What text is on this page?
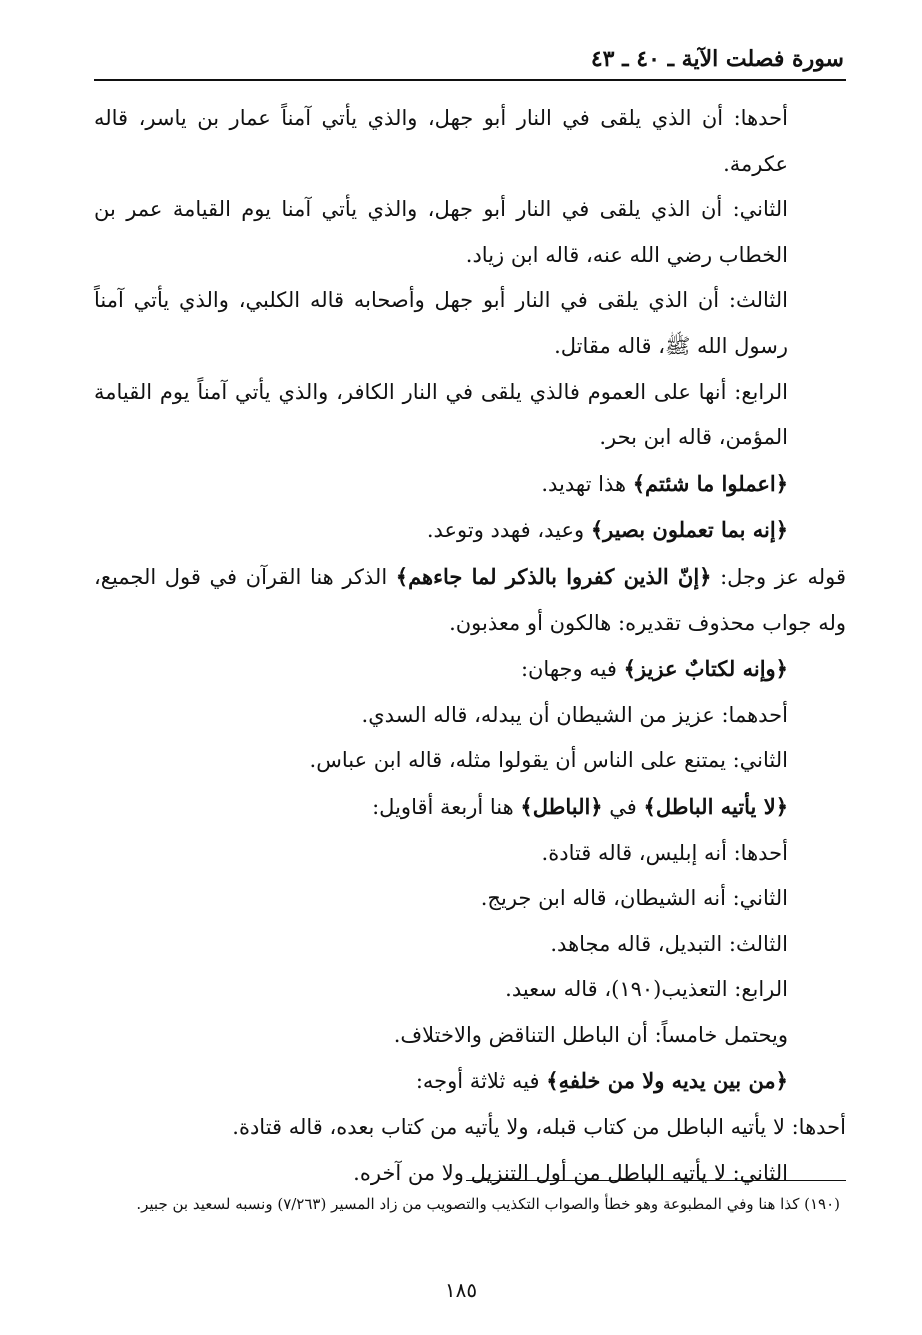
سورة فصلت الآية ـ ٤٠ ـ ٤٣

أحدها: أن الذي يلقى في النار أبو جهل، والذي يأتي آمناً عمار بن ياسر، قاله عكرمة.

الثاني: أن الذي يلقى في النار أبو جهل، والذي يأتي آمنا يوم القيامة عمر بن الخطاب رضي الله عنه، قاله ابن زياد.

الثالث: أن الذي يلقى في النار أبو جهل وأصحابه قاله الكلبي، والذي يأتي آمناً رسول الله ﷺ، قاله مقاتل.

الرابع: أنها على العموم فالذي يلقى في النار الكافر، والذي يأتي آمناً يوم القيامة المؤمن، قاله ابن بحر.

﴿اعملوا ما شئتم﴾ هذا تهديد.

﴿إنه بما تعملون بصير﴾ وعيد، فهدد وتوعد.

قوله عز وجل: ﴿إنّ الذين كفروا بالذكر لما جاءهم﴾ الذكر هنا القرآن في قول الجميع، وله جواب محذوف تقديره: هالكون أو معذبون.

﴿وإنه لكتابٌ عزيز﴾ فيه وجهان:

أحدهما: عزيز من الشيطان أن يبدله، قاله السدي.

الثاني: يمتنع على الناس أن يقولوا مثله، قاله ابن عباس.

﴿لا يأتيه الباطل﴾ في ﴿الباطل﴾ هنا أربعة أقاويل:

أحدها: أنه إبليس، قاله قتادة.

الثاني: أنه الشيطان، قاله ابن جريج.

الثالث: التبديل، قاله مجاهد.

الرابع: التعذيب(١٩٠)، قاله سعيد.

ويحتمل خامساً: أن الباطل التناقض والاختلاف.

﴿من بين يديه ولا من خلفهِ﴾ فيه ثلاثة أوجه:

أحدها: لا يأتيه الباطل من كتاب قبله، ولا يأتيه من كتاب بعده، قاله قتادة.

الثاني: لا يأتيه الباطل من أول التنزيل ولا من آخره.

(١٩٠) كذا هنا وفي المطبوعة وهو خطأ والصواب التكذيب والتصويب من زاد المسير (٧/٢٦٣) ونسبه لسعيد بن جبير.

١٨٥
